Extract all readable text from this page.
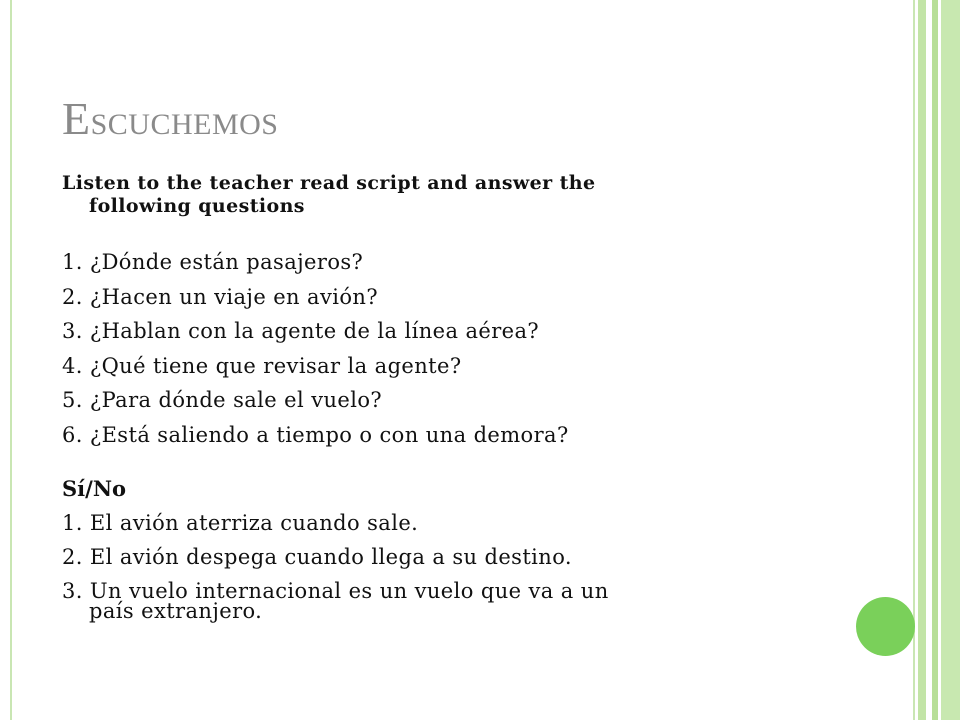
ESCUCHEMOS

Listen to the teacher read script and answer the
following questions

1. ¿Dónde están pasajeros?
2. ¿Hacen un viaje en avión?
3. ¿Hablan con la agente de la línea aérea?
4. ¿Qué tiene que revisar la agente?
5. ¿Para dónde sale el vuelo?
6. ¿Está saliendo a tiempo o con una demora?
Sí/No
1. El avión aterriza cuando sale.
2. El avión despega cuando llega a su destino.
3. Un vuelo internacional es un vuelo que va a un
país extranjero.
